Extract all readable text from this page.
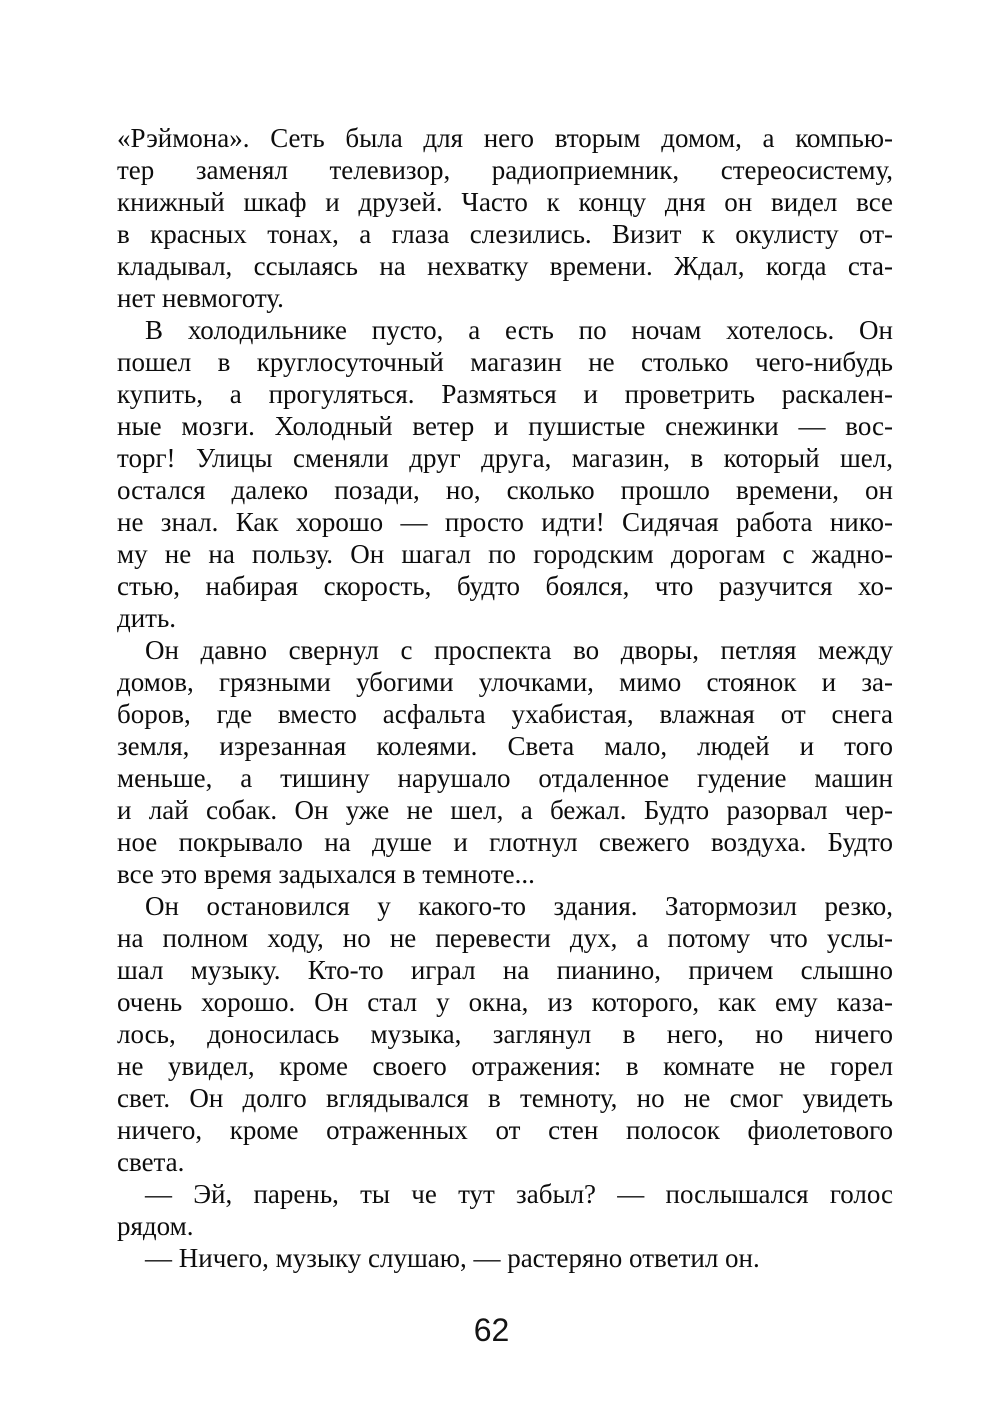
«Рэймона». Сеть была для него вторым домом, а компью-
тер заменял телевизор, радиоприемник, стереосистему,
книжный шкаф и друзей. Часто к концу дня он видел все
в красных тонах, а глаза слезились. Визит к окулисту от-
кладывал, ссылаясь на нехватку времени. Ждал, когда ста-
нет невмоготу.
В холодильнике пусто, а есть по ночам хотелось. Он
пошел в круглосуточный магазин не столько чего-нибудь
купить, а прогуляться. Размяться и проветрить раскален-
ные мозги. Холодный ветер и пушистые снежинки — вос-
торг! Улицы сменяли друг друга, магазин, в который шел,
остался далеко позади, но, сколько прошло времени, он
не знал. Как хорошо — просто идти! Сидячая работа нико-
му не на пользу. Он шагал по городским дорогам с жадно-
стью, набирая скорость, будто боялся, что разучится хо-
дить.
Он давно свернул с проспекта во дворы, петляя между
домов, грязными убогими улочками, мимо стоянок и за-
боров, где вместо асфальта ухабистая, влажная от снега
земля, изрезанная колеями. Света мало, людей и того
меньше, а тишину нарушало отдаленное гудение машин
и лай собак. Он уже не шел, а бежал. Будто разорвал чер-
ное покрывало на душе и глотнул свежего воздуха. Будто
все это время задыхался в темноте...
Он остановился у какого-то здания. Затормозил резко,
на полном ходу, но не перевести дух, а потому что услы-
шал музыку. Кто-то играл на пианино, причем слышно
очень хорошо. Он стал у окна, из которого, как ему каза-
лось, доносилась музыка, заглянул в него, но ничего
не увидел, кроме своего отражения: в комнате не горел
свет. Он долго вглядывался в темноту, но не смог увидеть
ничего, кроме отраженных от стен полосок фиолетового
света.
— Эй, парень, ты че тут забыл? — послышался голос
рядом.
— Ничего, музыку слушаю, — растеряно ответил он.
62
